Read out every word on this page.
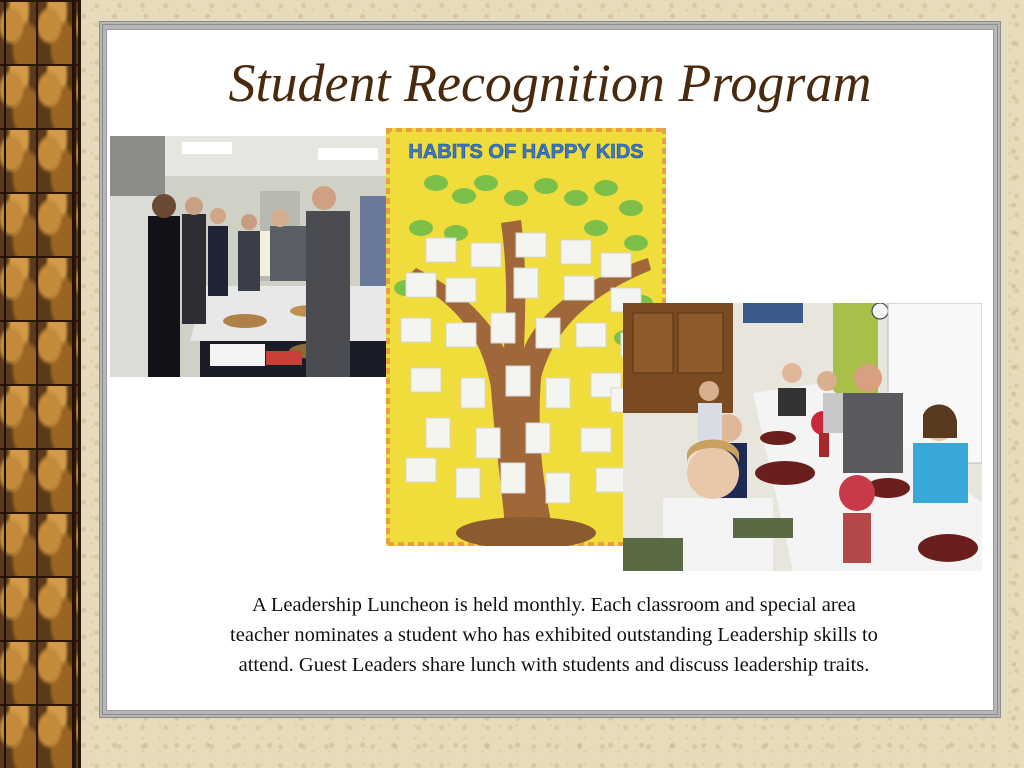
Student Recognition Program
HABITS OF HAPPY KIDS

A Leadership Luncheon is held monthly. Each classroom and special area
teacher nominates a student who has exhibited outstanding Leadership skills to
attend. Guest Leaders share lunch with students and discuss leadership traits.
